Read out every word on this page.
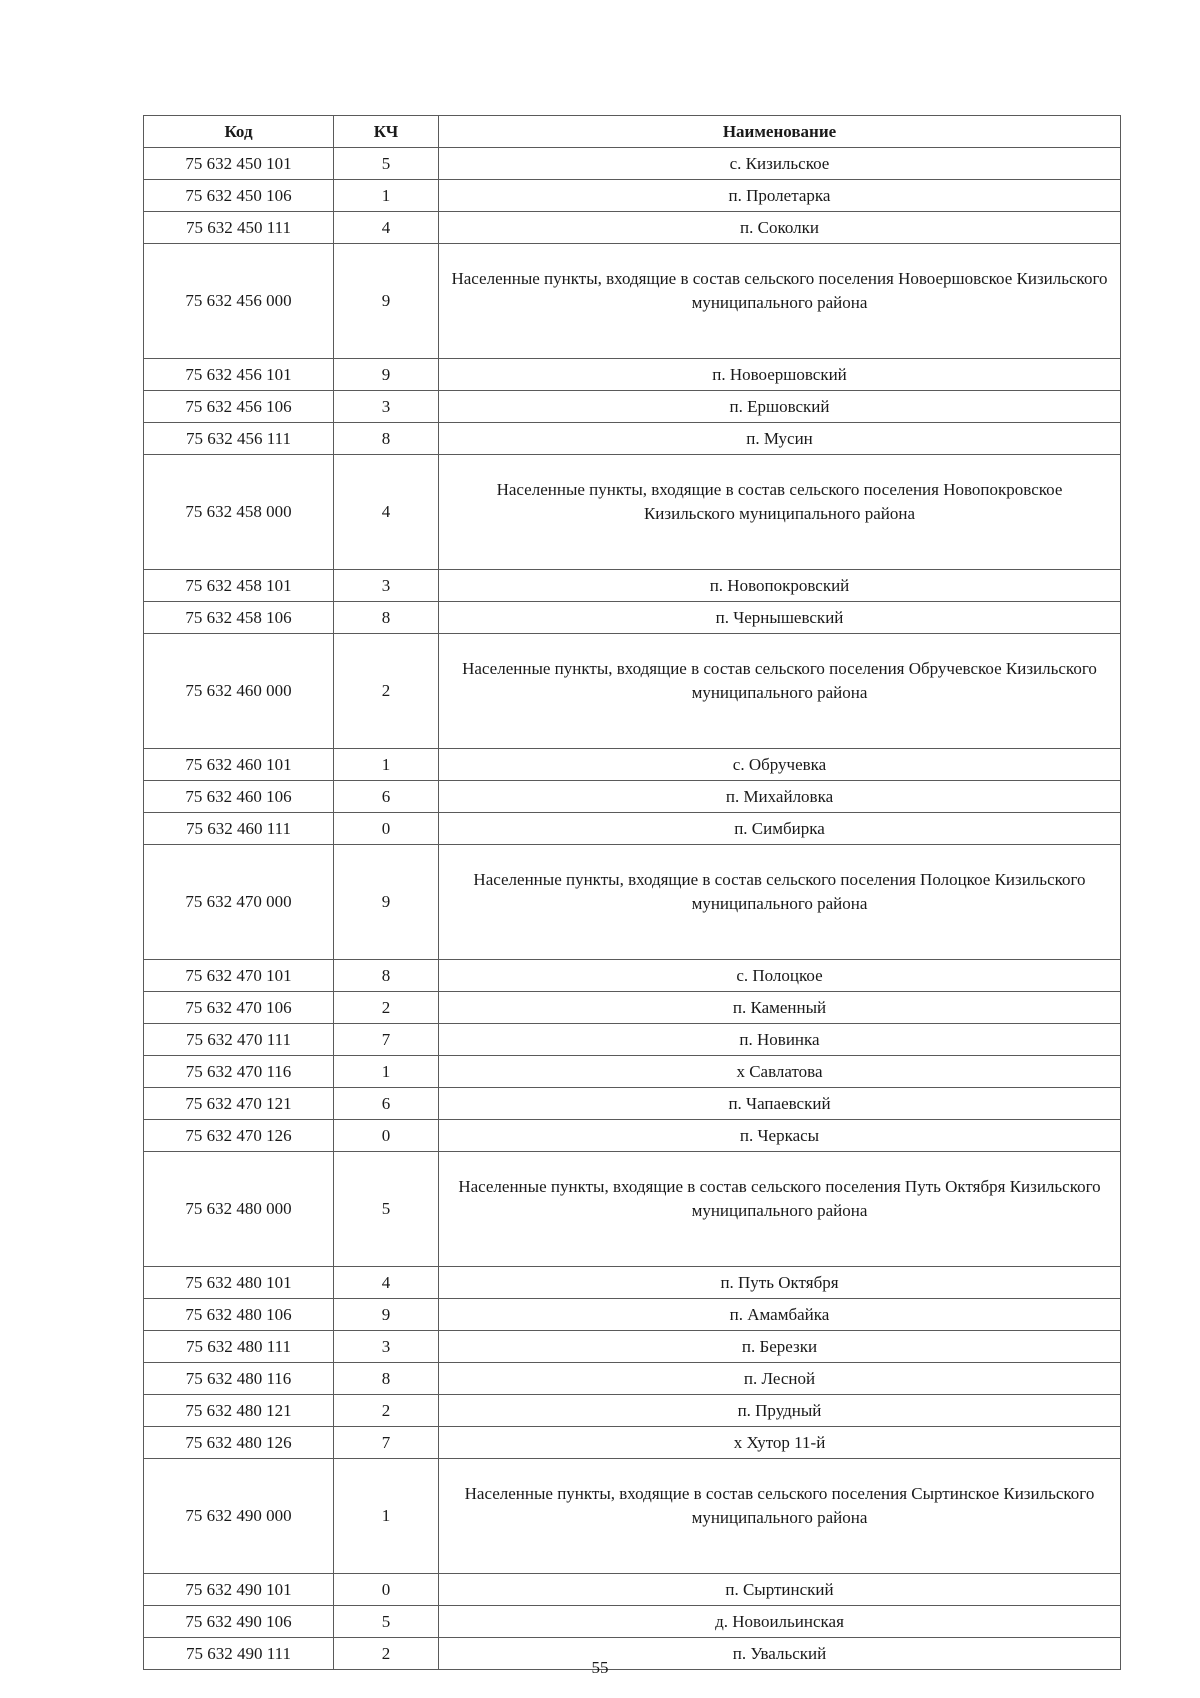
Код	КЧ	Наименование
75 632 450 101	5	с. Кизильское
75 632 450 106	1	п. Пролетарка
75 632 450 111	4	п. Соколки
75 632 456 000	9	Населенные пункты, входящие в состав сельского поселения Новоершовское Кизильского муниципального района
75 632 456 101	9	п. Новоершовский
75 632 456 106	3	п. Ершовский
75 632 456 111	8	п. Мусин
75 632 458 000	4	Населенные пункты, входящие в состав сельского поселения Новопокровское Кизильского муниципального района
75 632 458 101	3	п. Новопокровский
75 632 458 106	8	п. Чернышевский
75 632 460 000	2	Населенные пункты, входящие в состав сельского поселения Обручевское Кизильского муниципального района
75 632 460 101	1	с. Обручевка
75 632 460 106	6	п. Михайловка
75 632 460 111	0	п. Симбирка
75 632 470 000	9	Населенные пункты, входящие в состав сельского поселения Полоцкое Кизильского муниципального района
75 632 470 101	8	с. Полоцкое
75 632 470 106	2	п. Каменный
75 632 470 111	7	п. Новинка
75 632 470 116	1	х Савлатова
75 632 470 121	6	п. Чапаевский
75 632 470 126	0	п. Черкасы
75 632 480 000	5	Населенные пункты, входящие в состав сельского поселения Путь Октября Кизильского муниципального района
75 632 480 101	4	п. Путь Октября
75 632 480 106	9	п. Амамбайка
75 632 480 111	3	п. Березки
75 632 480 116	8	п. Лесной
75 632 480 121	2	п. Прудный
75 632 480 126	7	х Хутор 11-й
75 632 490 000	1	Населенные пункты, входящие в состав сельского поселения Сыртинское Кизильского муниципального района
75 632 490 101	0	п. Сыртинский
75 632 490 106	5	д. Новоильинская
75 632 490 111	2	п. Увальский
55
